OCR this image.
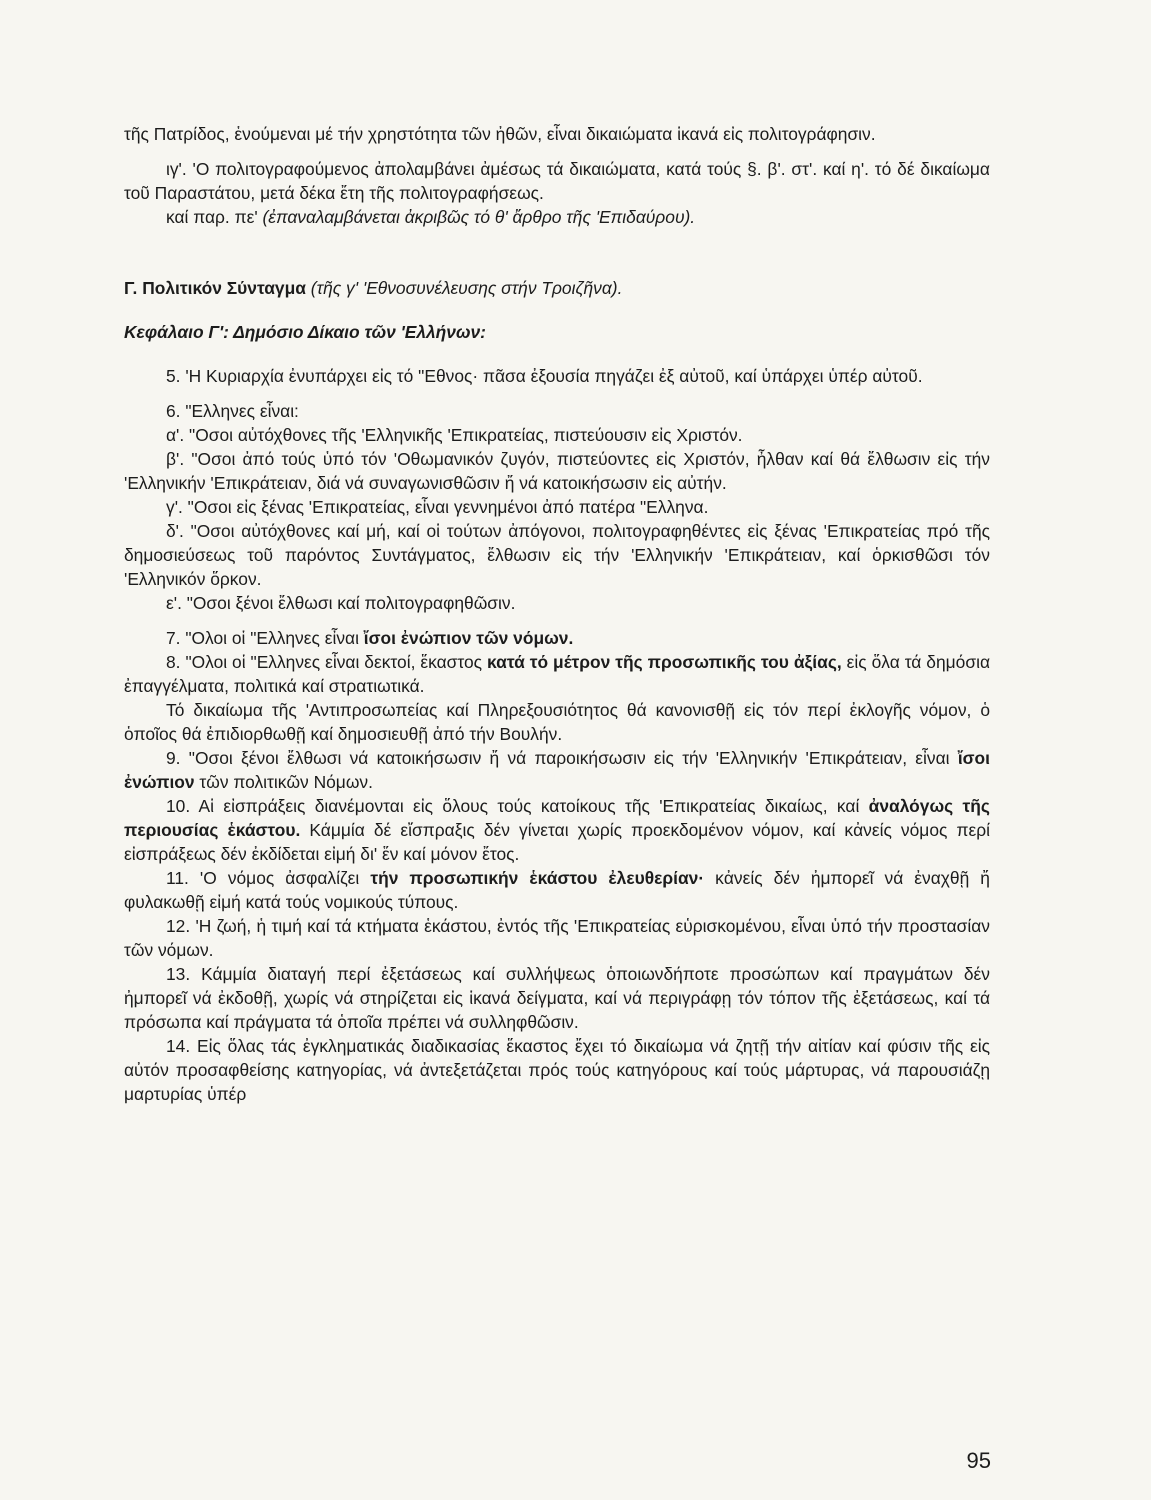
τῆς Πατρίδος, ἑνούμεναι μέ τήν χρηστότητα τῶν ἠθῶν, εἶναι δικαιώματα ἱκανά εἰς πολιτογράφησιν.

ιγ'. 'Ο πολιτογραφούμενος ἀπολαμβάνει ἀμέσως τά δικαιώματα, κατά τούς §. β'. στ'. καί η'. τό δέ δικαίωμα τοῦ Παραστάτου, μετά δέκα ἔτη τῆς πολιτογραφήσεως.

καί παρ. πε' (ἐπαναλαμβάνεται ἀκριβῶς τό θ' ἄρθρο τῆς 'Επιδαύρου).

Γ. Πολιτικόν Σύνταγμα (τῆς γ' 'Εθνοσυνέλευσης στήν Τροιζῆνα).

Κεφάλαιο Γ': Δημόσιο Δίκαιο τῶν 'Ελλήνων:

5. 'Η Κυριαρχία ἐνυπάρχει εἰς τό "Εθνος· πᾶσα ἐξουσία πηγάζει ἐξ αὐτοῦ, καί ὑπάρχει ὑπέρ αὐτοῦ.

6. "Ελληνες εἶναι:

α'. "Οσοι αὐτόχθονες τῆς 'Ελληνικῆς 'Επικρατείας, πιστεύουσιν εἰς Χριστόν.

β'. "Οσοι ἀπό τούς ὑπό τόν 'Οθωμανικόν ζυγόν, πιστεύοντες εἰς Χριστόν, ἦλθαν καί θά ἔλθωσιν εἰς τήν 'Ελληνικήν 'Επικράτειαν, διά νά συναγωνισθῶσιν ἤ νά κατοικήσωσιν εἰς αὐτήν.

γ'. "Οσοι εἰς ξένας 'Επικρατείας, εἶναι γεννημένοι ἀπό πατέρα "Ελληνα.

δ'. "Οσοι αὐτόχθονες καί μή, καί οἱ τούτων ἀπόγονοι, πολιτογραφηθέντες εἰς ξένας 'Επικρατείας πρό τῆς δημοσιεύσεως τοῦ παρόντος Συντάγματος, ἔλθωσιν εἰς τήν 'Ελληνικήν 'Επικράτειαν, καί ὁρκισθῶσι τόν 'Ελληνικόν ὅρκον.

ε'. "Οσοι ξένοι ἔλθωσι καί πολιτογραφηθῶσιν.

7. "Ολοι οἱ "Ελληνες εἶναι ἴσοι ἐνώπιον τῶν νόμων.

8. "Ολοι οἱ "Ελληνες εἶναι δεκτοί, ἕκαστος κατά τό μέτρον τῆς προσωπικῆς του ἀξίας, εἰς ὅλα τά δημόσια ἐπαγγέλματα, πολιτικά καί στρατιωτικά.

Τό δικαίωμα τῆς 'Αντιπροσωπείας καί Πληρεξουσιότητος θά κανονισθῇ εἰς τόν περί ἐκλογῆς νόμον, ὁ ὁποῖος θά ἐπιδιορθωθῇ καί δημοσιευθῇ ἀπό τήν Βουλήν.

9. "Οσοι ξένοι ἔλθωσι νά κατοικήσωσιν ἤ νά παροικήσωσιν εἰς τήν 'Ελληνικήν 'Επικράτειαν, εἶναι ἴσοι ἐνώπιον τῶν πολιτικῶν Νόμων.

10. Αἱ εἰσπράξεις διανέμονται εἰς ὅλους τούς κατοίκους τῆς 'Επικρατείας δικαίως, καί ἀναλόγως τῆς περιουσίας ἑκάστου. Κάμμία δέ εἴσπραξις δέν γίνεται χωρίς προεκδομένον νόμον, καί κἀνείς νόμος περί εἰσπράξεως δέν ἐκδίδεται εἰμή δι' ἕν καί μόνον ἔτος.

11. 'Ο νόμος ἀσφαλίζει τήν προσωπικήν ἑκάστου ἐλευθερίαν· κἀνείς δέν ἠμπορεῖ νά ἐναχθῇ ἤ φυλακωθῇ εἰμή κατά τούς νομικούς τύπους.

12. 'Η ζωή, ἡ τιμή καί τά κτήματα ἑκάστου, ἐντός τῆς 'Επικρατείας εὑρισκομένου, εἶναι ὑπό τήν προστασίαν τῶν νόμων.

13. Κάμμία διαταγή περί ἐξετάσεως καί συλλήψεως ὁποιωνδήποτε προσώπων καί πραγμάτων δέν ἠμπορεῖ νά ἐκδοθῇ, χωρίς νά στηρίζεται εἰς ἱκανά δείγματα, καί νά περιγράφῃ τόν τόπον τῆς ἐξετάσεως, καί τά πρόσωπα καί πράγματα τά ὁποῖα πρέπει νά συλληφθῶσιν.

14. Εἰς ὅλας τάς ἐγκληματικάς διαδικασίας ἕκαστος ἔχει τό δικαίωμα νά ζητῇ τήν αἰτίαν καί φύσιν τῆς εἰς αὐτόν προσαφθείσης κατηγορίας, νά ἀντεξετάζεται πρός τούς κατηγόρους καί τούς μάρτυρας, νά παρουσιάζῃ μαρτυρίας ὑπέρ

95
